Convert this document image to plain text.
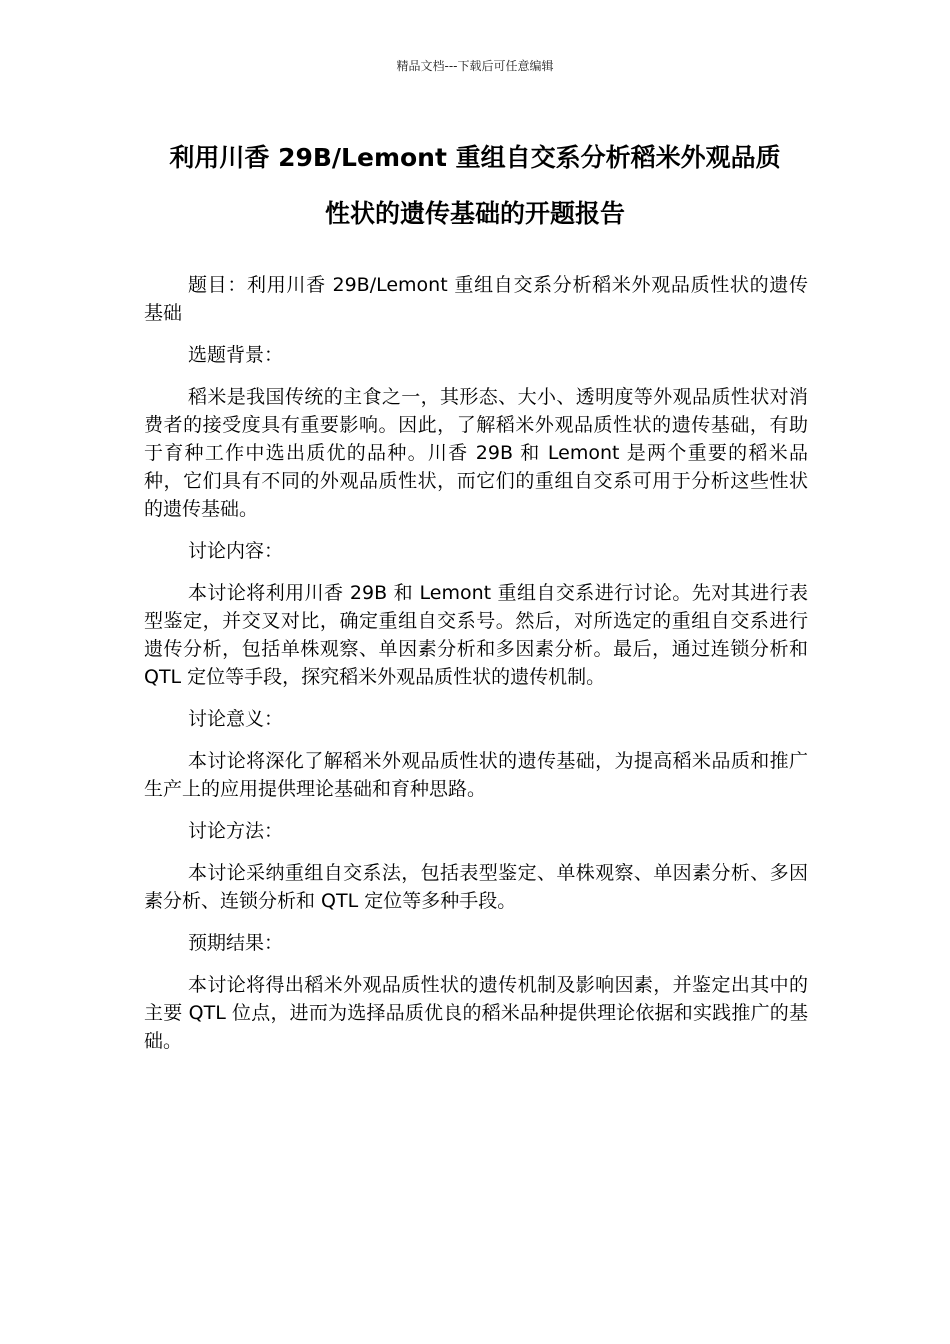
精品文档---下载后可任意编辑
利用川香 29B/Lemont 重组自交系分析稻米外观品质
性状的遗传基础的开题报告

题目：利用川香 29B/Lemont 重组自交系分析稻米外观品质性状的遗传基础

选题背景：

稻米是我国传统的主食之一，其形态、大小、透明度等外观品质性状对消费者的接受度具有重要影响。因此，了解稻米外观品质性状的遗传基础，有助于育种工作中选出质优的品种。川香 29B 和 Lemont 是两个重要的稻米品种，它们具有不同的外观品质性状，而它们的重组自交系可用于分析这些性状的遗传基础。

讨论内容：

本讨论将利用川香 29B 和 Lemont 重组自交系进行讨论。先对其进行表型鉴定，并交叉对比，确定重组自交系号。然后，对所选定的重组自交系进行遗传分析，包括单株观察、单因素分析和多因素分析。最后，通过连锁分析和 QTL 定位等手段，探究稻米外观品质性状的遗传机制。

讨论意义：

本讨论将深化了解稻米外观品质性状的遗传基础，为提高稻米品质和推广生产上的应用提供理论基础和育种思路。

讨论方法：

本讨论采纳重组自交系法，包括表型鉴定、单株观察、单因素分析、多因素分析、连锁分析和 QTL 定位等多种手段。

预期结果：

本讨论将得出稻米外观品质性状的遗传机制及影响因素，并鉴定出其中的主要 QTL 位点，进而为选择品质优良的稻米品种提供理论依据和实践推广的基础。
